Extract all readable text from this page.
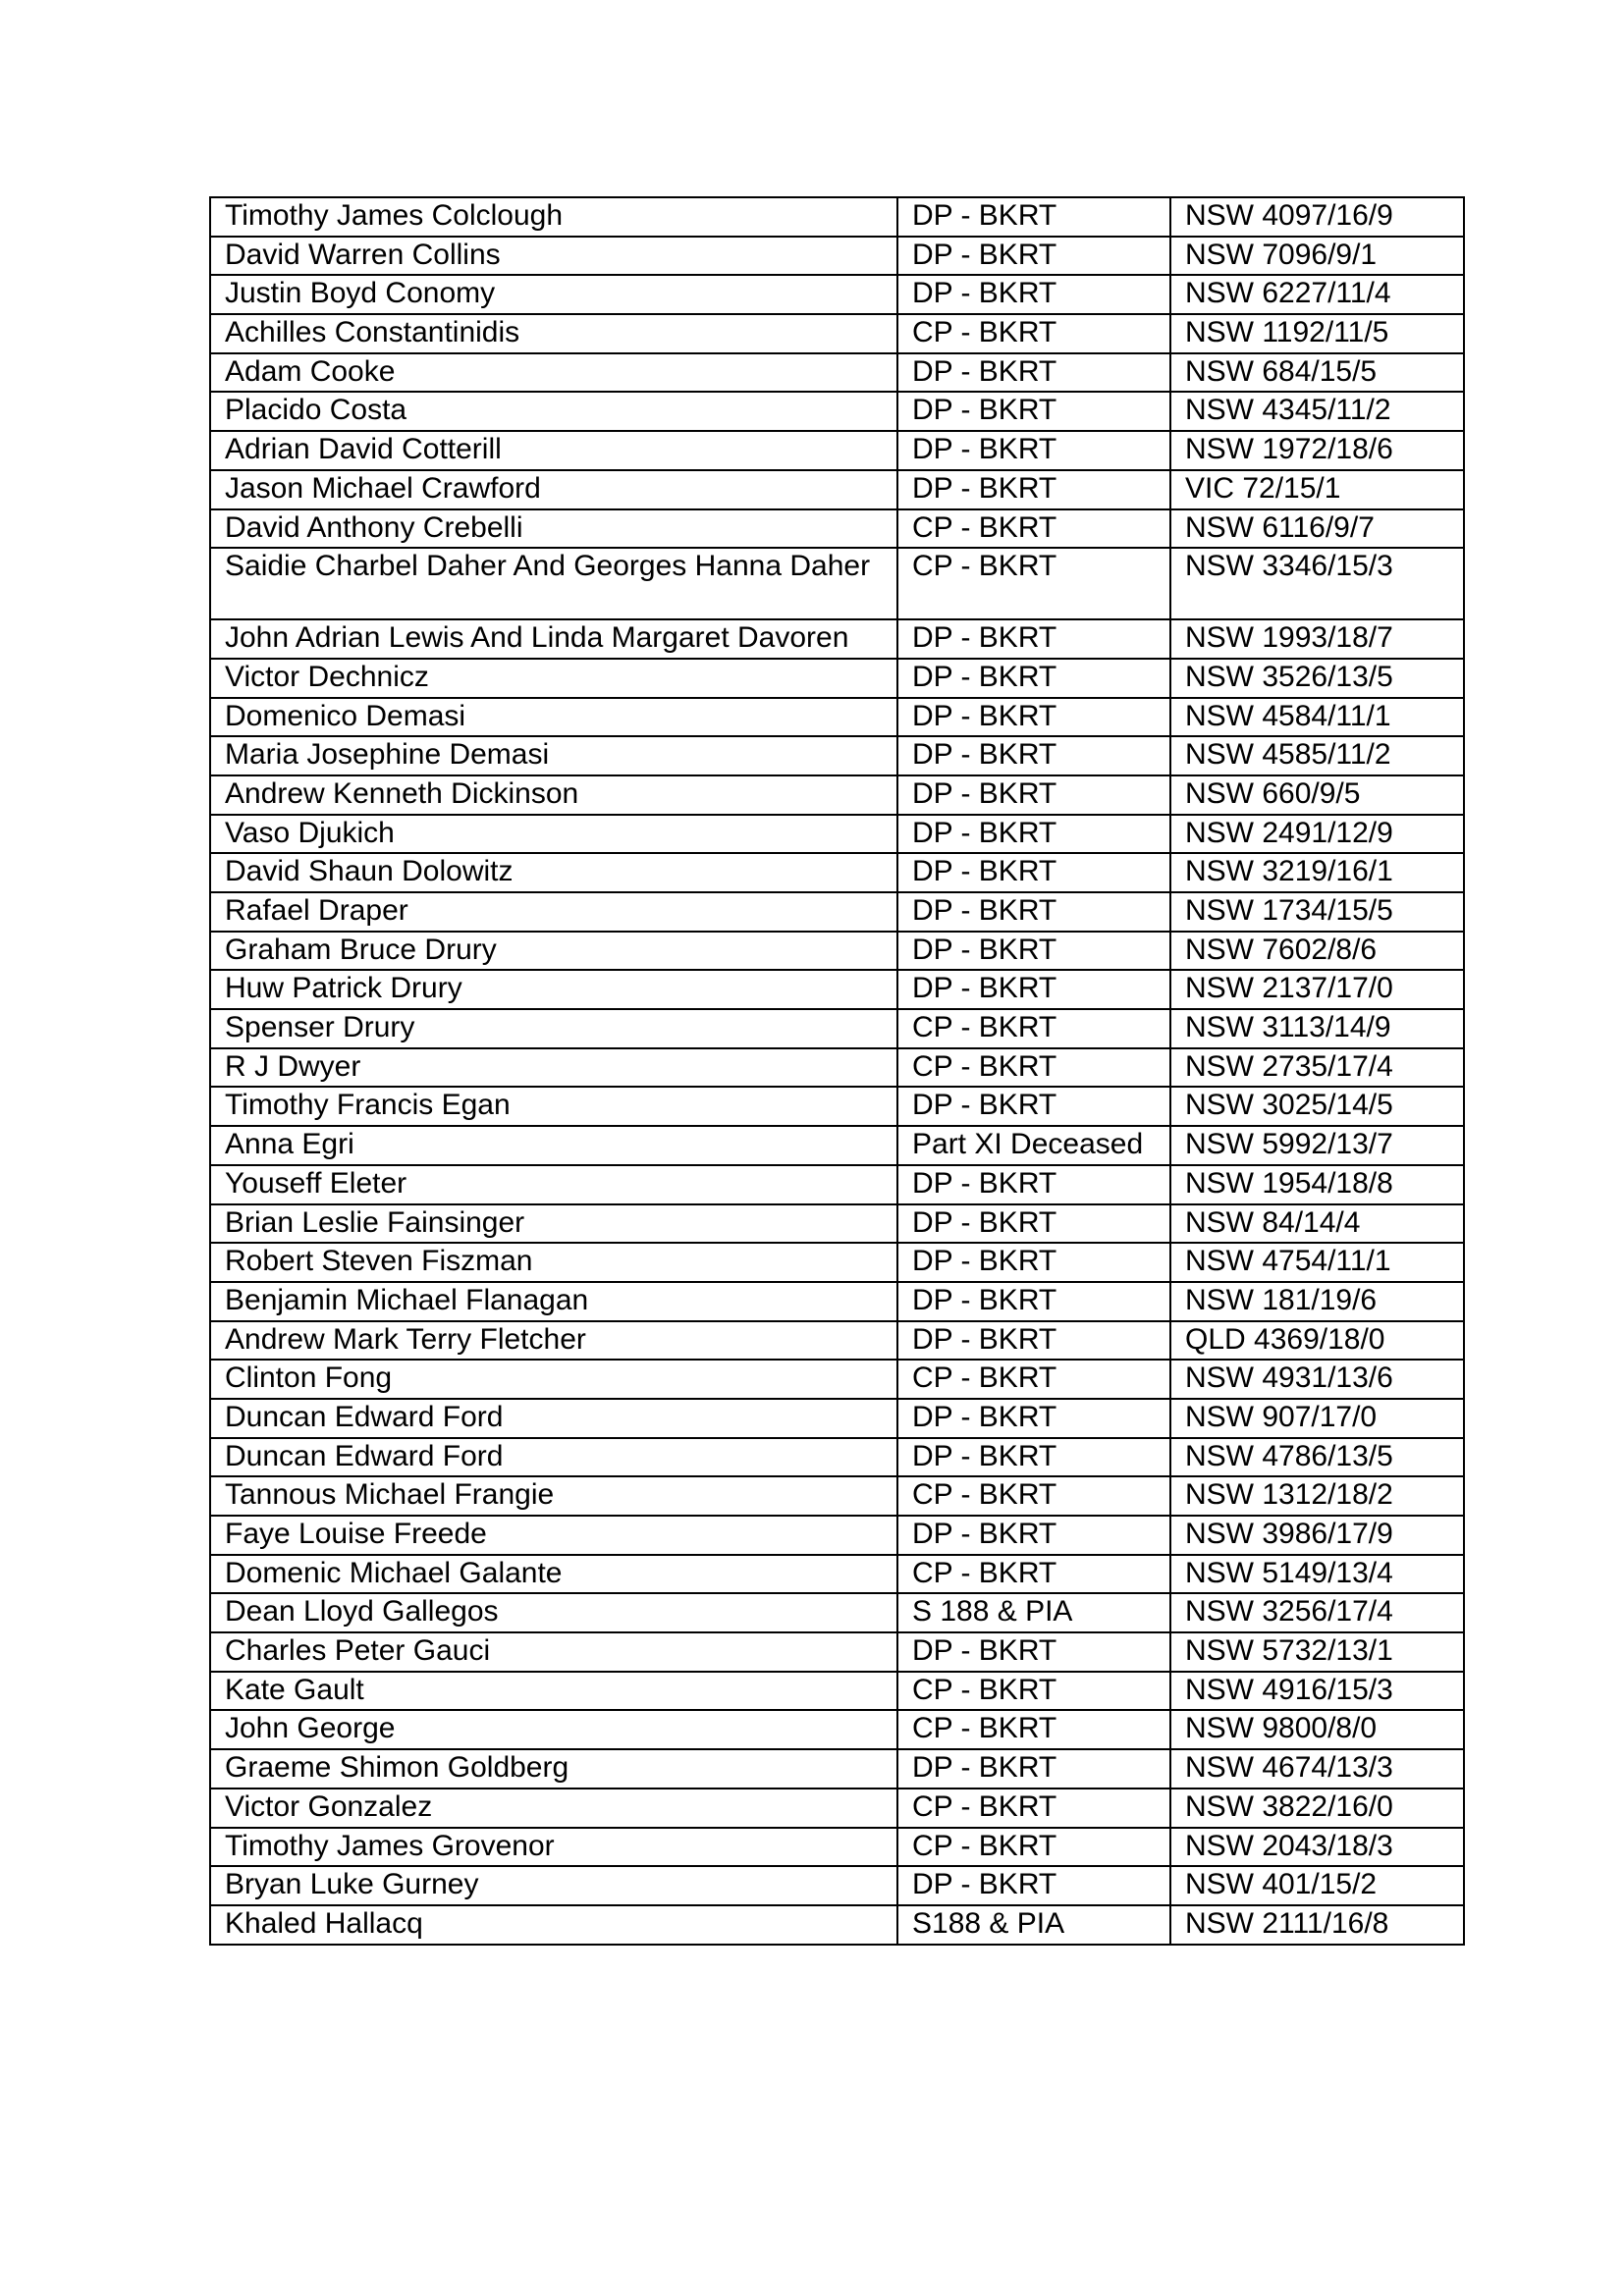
Timothy James Colclough	DP - BKRT	NSW 4097/16/9
David Warren Collins	DP - BKRT	NSW 7096/9/1
Justin Boyd Conomy	DP - BKRT	NSW 6227/11/4
Achilles Constantinidis	CP - BKRT	NSW 1192/11/5
Adam Cooke	DP - BKRT	NSW 684/15/5
Placido Costa	DP - BKRT	NSW 4345/11/2
Adrian David Cotterill	DP - BKRT	NSW 1972/18/6
Jason Michael Crawford	DP - BKRT	VIC 72/15/1
David Anthony Crebelli	CP - BKRT	NSW 6116/9/7
Saidie Charbel Daher And Georges Hanna Daher	CP - BKRT	NSW 3346/15/3
John Adrian Lewis And Linda Margaret Davoren	DP - BKRT	NSW 1993/18/7
Victor Dechnicz	DP - BKRT	NSW 3526/13/5
Domenico Demasi	DP - BKRT	NSW 4584/11/1
Maria Josephine Demasi	DP - BKRT	NSW 4585/11/2
Andrew Kenneth Dickinson	DP - BKRT	NSW 660/9/5
Vaso Djukich	DP - BKRT	NSW 2491/12/9
David Shaun Dolowitz	DP - BKRT	NSW 3219/16/1
Rafael Draper	DP - BKRT	NSW 1734/15/5
Graham Bruce Drury	DP - BKRT	NSW 7602/8/6
Huw Patrick Drury	DP - BKRT	NSW 2137/17/0
Spenser Drury	CP - BKRT	NSW 3113/14/9
R J Dwyer	CP - BKRT	NSW 2735/17/4
Timothy Francis Egan	DP - BKRT	NSW 3025/14/5
Anna Egri	Part XI Deceased	NSW 5992/13/7
Youseff Eleter	DP - BKRT	NSW 1954/18/8
Brian Leslie Fainsinger	DP - BKRT	NSW 84/14/4
Robert Steven Fiszman	DP - BKRT	NSW 4754/11/1
Benjamin Michael Flanagan	DP - BKRT	NSW 181/19/6
Andrew Mark Terry Fletcher	DP - BKRT	QLD 4369/18/0
Clinton Fong	CP - BKRT	NSW 4931/13/6
Duncan Edward Ford	DP - BKRT	NSW 907/17/0
Duncan Edward Ford	DP - BKRT	NSW 4786/13/5
Tannous Michael Frangie	CP - BKRT	NSW 1312/18/2
Faye Louise Freede	DP - BKRT	NSW 3986/17/9
Domenic Michael Galante	CP - BKRT	NSW 5149/13/4
Dean Lloyd Gallegos	S 188 & PIA	NSW 3256/17/4
Charles Peter Gauci	DP - BKRT	NSW 5732/13/1
Kate Gault	CP - BKRT	NSW 4916/15/3
John George	CP - BKRT	NSW 9800/8/0
Graeme Shimon Goldberg	DP - BKRT	NSW 4674/13/3
Victor Gonzalez	CP - BKRT	NSW 3822/16/0
Timothy James Grovenor	CP - BKRT	NSW 2043/18/3
Bryan Luke Gurney	DP - BKRT	NSW 401/15/2
Khaled Hallacq	S188 & PIA	NSW 2111/16/8
